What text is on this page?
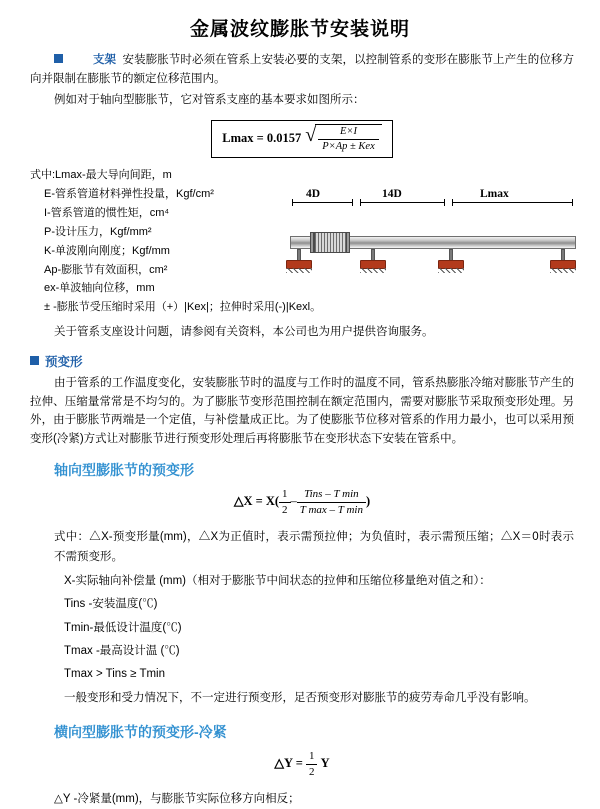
金属波纹膨胀节安装说明

支架 安装膨胀节时必须在管系上安装必要的支架，以控制管系的变形在膨胀节上产生的位移方向并限制在膨胀节的额定位移范围内。

例如对于轴向型膨胀节，它对管系支座的基本要求如图所示：

Lmax = 0.0157 √ $\frac{E\times I}{\text{P×Ap ± Kex}}$
式中:Lmax-最大导向间距，m
E-管系管道材料弹性投量，Kgf/cm²
I-管系管道的惯性矩，cm⁴
P-设计压力，Kgf/mm²
K-单波刚向刚度；Kgf/mm
Ap-膨胀节有效面积，cm²
ex-单波轴向位移，mm
± -膨胀节受压缩时采用（+）|Kex|；拉伸时采用(-)|Kexl。
4D	14D	Lmax

关于管系支座设计问题，请参阅有关资料，本公司也为用户提供咨询服务。

预变形

由于管系的工作温度变化，安装膨胀节时的温度与工作时的温度不同，管系热膨胀冷缩对膨胀节产生的拉伸、压缩量常常是不均匀的。为了膨胀节变形范围控制在额定范围内，需要对膨胀节采取预变形处理。另外，由于膨胀节两端是一个定值，与补偿量成正比。为了使膨胀节位移对管系的作用力最小，也可以采用预变形(冷紧)方式让对膨胀节进行预变形处理后再将膨胀节在变形状态下安装在管系中。

轴向型膨胀节的预变形
△X = $X( \frac{1}{2} - \frac{\text{Tins – T min}}{\text{T max – T min}}$ )

式中：△X-预变形量(mm)，△X为正值时，表示需预拉伸；为负值时，表示需预压缩；△X＝0时表示不需预变形。

X-实际轴向补偿量 (mm)（相对于膨胀节中间状态的拉伸和压缩位移量绝对值之和）：

Tins -安装温度(℃)

Tmin-最低设计温度(℃)

Tmax -最高设计温 (℃)

Tmax > Tins ≥ Tmin

一般变形和受力情况下，不一定进行预变形，足否预变形对膨胀节的疲劳寿命几乎没有影响。

横向型膨胀节的预变形-冷紧
△Y = $\frac{1}{2}$ Y

△Y -冷紧量(mm)，与膨胀节实际位移方向相反；
